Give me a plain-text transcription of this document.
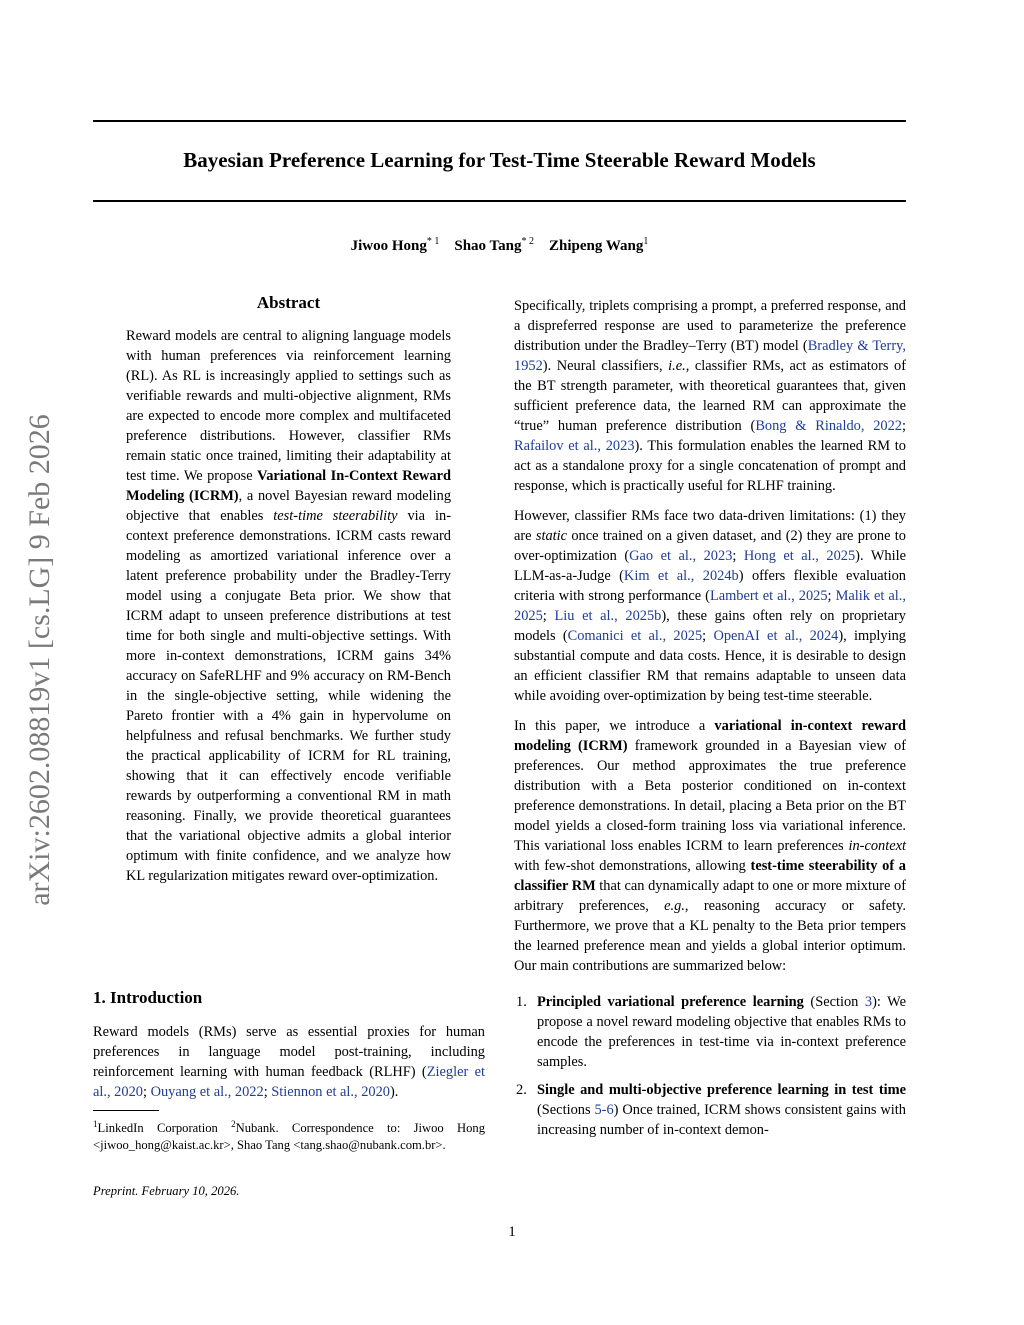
Bayesian Preference Learning for Test-Time Steerable Reward Models
Jiwoo Hong$^{* 1}$ Shao Tang$^{* 2}$ Zhipeng Wang$^1$
arXiv:2602.08819v1 [cs.LG] 9 Feb 2026
Abstract
Reward models are central to aligning language models with human preferences via reinforcement learning (RL). As RL is increasingly applied to settings such as verifiable rewards and multi-objective alignment, RMs are expected to encode more complex and multifaceted preference distributions. However, classifier RMs remain static once trained, limiting their adaptability at test time. We propose Variational In-Context Reward Modeling (ICRM), a novel Bayesian reward modeling objective that enables test-time steerability via in-context preference demonstrations. ICRM casts reward modeling as amortized variational inference over a latent preference probability under the Bradley-Terry model using a conjugate Beta prior. We show that ICRM adapt to unseen preference distributions at test time for both single and multi-objective settings. With more in-context demonstrations, ICRM gains 34% accuracy on SafeRLHF and 9% accuracy on RM-Bench in the single-objective setting, while widening the Pareto frontier with a 4% gain in hypervolume on helpfulness and refusal benchmarks. We further study the practical applicability of ICRM for RL training, showing that it can effectively encode verifiable rewards by outperforming a conventional RM in math reasoning. Finally, we provide theoretical guarantees that the variational objective admits a global interior optimum with finite confidence, and we analyze how KL regularization mitigates reward over-optimization.
1. Introduction
Reward models (RMs) serve as essential proxies for human preferences in language model post-training, including reinforcement learning with human feedback (RLHF) (Ziegler et al., 2020; Ouyang et al., 2022; Stiennon et al., 2020).
$^1$LinkedIn Corporation $^2$Nubank. Correspondence to: Jiwoo Hong <jiwoo_hong@kaist.ac.kr>, Shao Tang <tang.shao@nubank.com.br>.
Preprint. February 10, 2026.

Specifically, triplets comprising a prompt, a preferred response, and a dispreferred response are used to parameterize the preference distribution under the Bradley–Terry (BT) model (Bradley & Terry, 1952). Neural classifiers, i.e., classifier RMs, act as estimators of the BT strength parameter, with theoretical guarantees that, given sufficient preference data, the learned RM can approximate the “true” human preference distribution (Bong & Rinaldo, 2022; Rafailov et al., 2023). This formulation enables the learned RM to act as a standalone proxy for a single concatenation of prompt and response, which is practically useful for RLHF training.

However, classifier RMs face two data-driven limitations: (1) they are static once trained on a given dataset, and (2) they are prone to over-optimization (Gao et al., 2023; Hong et al., 2025). While LLM-as-a-Judge (Kim et al., 2024b) offers flexible evaluation criteria with strong performance (Lambert et al., 2025; Malik et al., 2025; Liu et al., 2025b), these gains often rely on proprietary models (Comanici et al., 2025; OpenAI et al., 2024), implying substantial compute and data costs. Hence, it is desirable to design an efficient classifier RM that remains adaptable to unseen data while avoiding over-optimization by being test-time steerable.

In this paper, we introduce a variational in-context reward modeling (ICRM) framework grounded in a Bayesian view of preferences. Our method approximates the true preference distribution with a Beta posterior conditioned on in-context preference demonstrations. In detail, placing a Beta prior on the BT model yields a closed-form training loss via variational inference. This variational loss enables ICRM to learn preferences in-context with few-shot demonstrations, allowing test-time steerability of a classifier RM that can dynamically adapt to one or more mixture of arbitrary preferences, e.g., reasoning accuracy or safety. Furthermore, we prove that a KL penalty to the Beta prior tempers the learned preference mean and yields a global interior optimum. Our main contributions are summarized below:

1. Principled variational preference learning (Section 3): We propose a novel reward modeling objective that enables RMs to encode the preferences in test-time via in-context preference samples.
2. Single and multi-objective preference learning in test time (Sections 5-6) Once trained, ICRM shows consistent gains with increasing number of in-context demon-
1
